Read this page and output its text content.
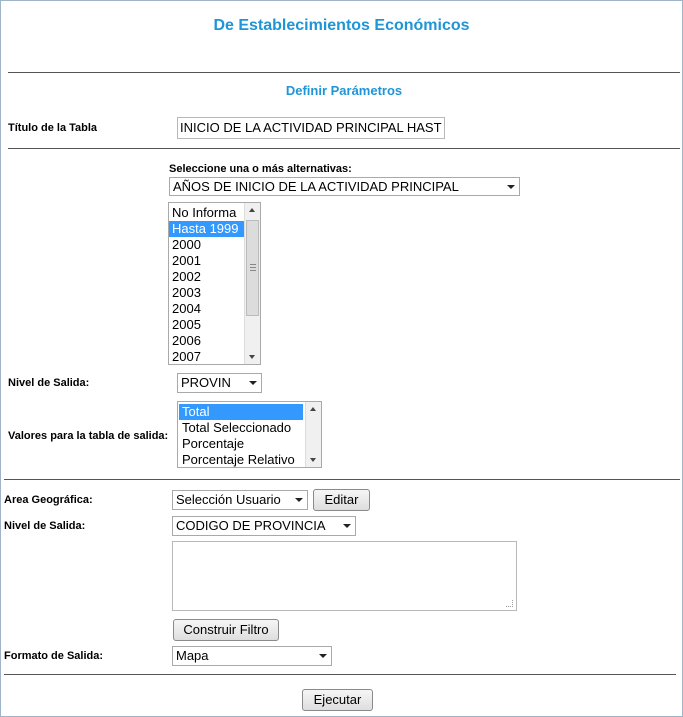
De Establecimientos Económicos
Definir Parámetros
Título de la Tabla	INICIO DE LA ACTIVIDAD PRINCIPAL HAST
Seleccione una o más alternativas:
AÑOS DE INICIO DE LA ACTIVIDAD PRINCIPAL
No Informa
Hasta 1999
2000
2001
2002
2003
2004
2005
2006
2007
Nivel de Salida:	PROVIN
Valores para la tabla de salida:
Total
Total Seleccionado
Porcentaje
Porcentaje Relativo
Area Geográfica:	Selección Usuario	Editar
Nivel de Salida:	CODIGO DE PROVINCIA
Construir Filtro
Formato de Salida:	Mapa
Ejecutar
